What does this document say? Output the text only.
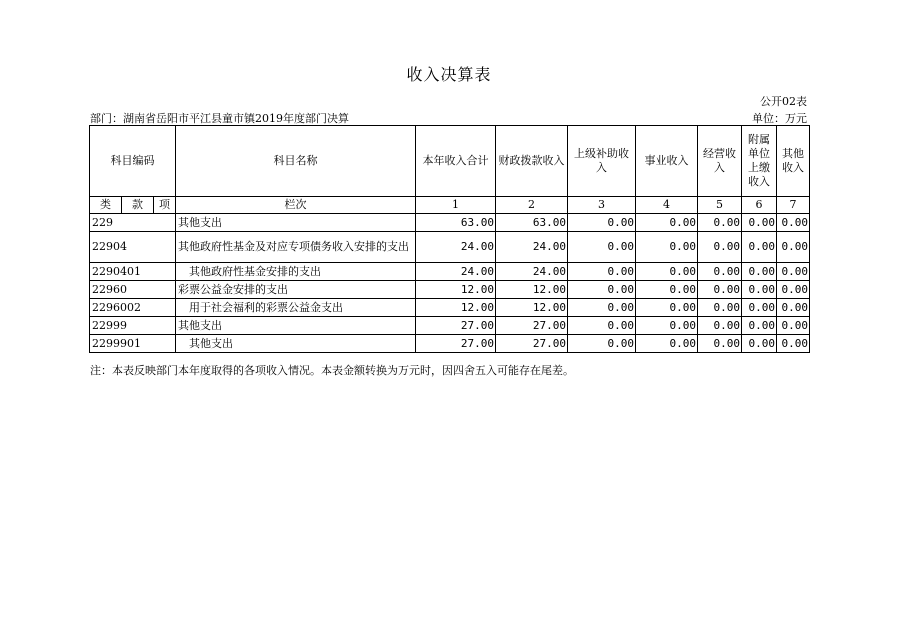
收入决算表
公开02表
部门：湖南省岳阳市平江县童市镇2019年度部门决算	单位：万元
科目编码			科目名称	本年收入合计	财政拨款收入	上级补助收入	事业收入	经营收入	附属单位上缴收入	其他收入
类	款	项	栏次	1	2	3	4	5	6	7
229			其他支出	63.00	63.00	0.00	0.00	0.00	0.00	0.00
22904			其他政府性基金及对应专项债务收入安排的支出	24.00	24.00	0.00	0.00	0.00	0.00	0.00
2290401			其他政府性基金安排的支出	24.00	24.00	0.00	0.00	0.00	0.00	0.00
22960			彩票公益金安排的支出	12.00	12.00	0.00	0.00	0.00	0.00	0.00
2296002			用于社会福利的彩票公益金支出	12.00	12.00	0.00	0.00	0.00	0.00	0.00
22999			其他支出	27.00	27.00	0.00	0.00	0.00	0.00	0.00
2299901			其他支出	27.00	27.00	0.00	0.00	0.00	0.00	0.00
注：本表反映部门本年度取得的各项收入情况。本表金额转换为万元时，因四舍五入可能存在尾差。
